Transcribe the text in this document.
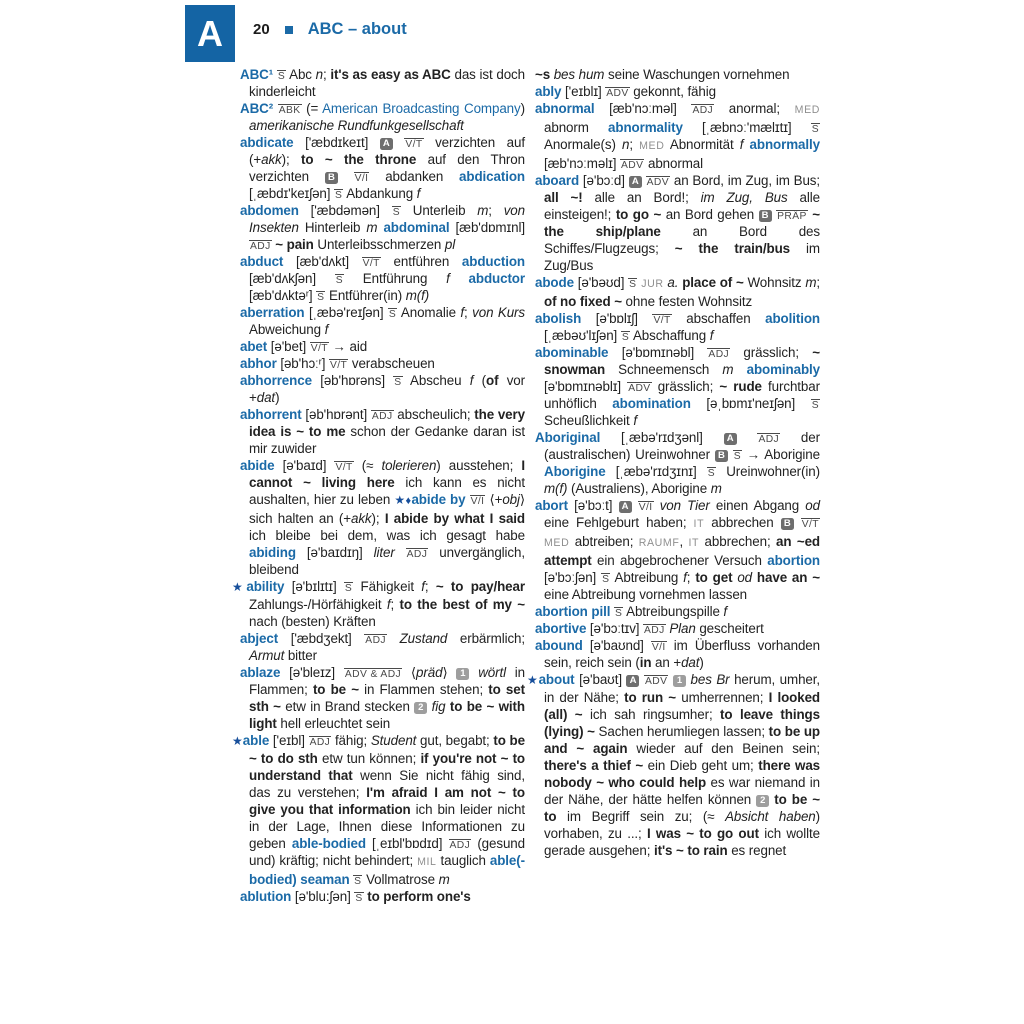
A	20 ABC – about

ABC¹ S Abc n; it's as easy as ABC das ist doch kinderleicht

ABC² ABK (= American Broadcasting Company) amerikanische Rundfunkgesellschaft

abdicate ['æbdɪkeɪt] A V/T verzichten auf (+akk); to ~ the throne auf den Thron verzichten B V/I abdanken abdication [ˌæbdɪ'keɪʃən] S Abdankung f

abdomen ['æbdəmən] S Unterleib m; von Insekten Hinterleib m abdominal [æb'dɒmɪnl] ADJ ~ pain Unterleibsschmerzen pl

abduct [æb'dʌkt] V/T entführen abduction [æb'dʌkʃən] S Entführung f abductor [æb'dʌktəʳ] S Entführer(in) m(f)

aberration [ˌæbə'reɪʃən] S Anomalie f; von Kurs Abweichung f

abet [ə'bet] V/T → aid

abhor [əb'hɔːʳ] V/T verabscheuen

abhorrence [əb'hɒrəns] S Abscheu f (of vor +dat)

abhorrent [əb'hɒrənt] ADJ abscheulich; the very idea is ~ to me schon der Gedanke daran ist mir zuwider

abide [ə'baɪd] V/T (≈ tolerieren) ausstehen; I cannot ~ living here ich kann es nicht aushalten, hier zu leben ★♦abide by V/I ⟨+obj⟩ sich halten an (+akk); I abide by what I said ich bleibe bei dem, was ich gesagt habe abiding [ə'baɪdɪŋ] liter ADJ unvergänglich, bleibend

★ability [ə'bɪlɪtɪ] S Fähigkeit f; ~ to pay/hear Zahlungs-/Hörfähigkeit f; to the best of my ~ nach (besten) Kräften

abject ['æbdʒekt] ADJ Zustand erbärmlich; Armut bitter

ablaze [ə'bleɪz] ADV & ADJ ⟨präd⟩ 1 wörtl in Flammen; to be ~ in Flammen stehen; to set sth ~ etw in Brand stecken 2 fig to be ~ with light hell erleuchtet sein

★able ['eɪbl] ADJ fähig; Student gut, begabt; to be ~ to do sth etw tun können; if you're not ~ to understand that wenn Sie nicht fähig sind, das zu verstehen; I'm afraid I am not ~ to give you that information ich bin leider nicht in der Lage, Ihnen diese Informationen zu geben able-bodied [ˌeɪbl'bɒdɪd] ADJ (gesund und) kräftig; nicht behindert; MIL tauglich able(-bodied) seaman S Vollmatrose m

ablution [ə'blu:ʃən] S to perform one's

~s bes hum seine Waschungen vornehmen

ably ['eɪblɪ] ADV gekonnt, fähig

abnormal [æb'nɔːməl] ADJ anormal; MED abnorm abnormality [ˌæbnɔː'mælɪtɪ] S Anormale(s) n; MED Abnormität f abnormally [æb'nɔːməlɪ] ADV abnormal

aboard [ə'bɔːd] A ADV an Bord, im Zug, im Bus; all ~! alle an Bord!; im Zug, Bus alle einsteigen!; to go ~ an Bord gehen B PRÄP ~ the ship/plane an Bord des Schiffes/Flugzeugs; ~ the train/bus im Zug/Bus

abode [ə'bəʊd] S JUR a. place of ~ Wohnsitz m; of no fixed ~ ohne festen Wohnsitz

abolish [ə'bɒlɪʃ] V/T abschaffen abolition [ˌæbəʊ'lɪʃən] S Abschaffung f

abominable [ə'bɒmɪnəbl] ADJ grässlich; ~ snowman Schneemensch m abominably [ə'bɒmɪnəblɪ] ADV grässlich; ~ rude furchtbar unhöflich abomination [əˌbɒmɪ'neɪʃən] S Scheußlichkeit f

Aboriginal [ˌæbə'rɪdʒənl] A ADJ der (australischen) Ureinwohner B S → Aborigine Aborigine [ˌæbə'rɪdʒɪnɪ] S Ureinwohner(in) m(f) (Australiens), Aborigine m

abort [ə'bɔːt] A V/I von Tier einen Abgang od eine Fehlgeburt haben; IT abbrechen B V/T MED abtreiben; RAUMF, IT abbrechen; an ~ed attempt ein abgebrochener Versuch abortion [ə'bɔːʃən] S Abtreibung f; to get od have an ~ eine Abtreibung vornehmen lassen

abortion pill S Abtreibungspille f

abortive [ə'bɔːtɪv] ADJ Plan gescheitert

abound [ə'baʊnd] V/I im Überfluss vorhanden sein, reich sein (in an +dat)

★about [ə'baʊt] A ADV 1 bes Br herum, umher, in der Nähe; to run ~ umherrennen; I looked (all) ~ ich sah ringsumher; to leave things (lying) ~ Sachen herumliegen lassen; to be up and ~ again wieder auf den Beinen sein; there's a thief ~ ein Dieb geht um; there was nobody ~ who could help es war niemand in der Nähe, der hätte helfen können 2 to be ~ to im Begriff sein zu; (≈ Absicht haben) vorhaben, zu ...; I was ~ to go out ich wollte gerade ausgehen; it's ~ to rain es regnet
